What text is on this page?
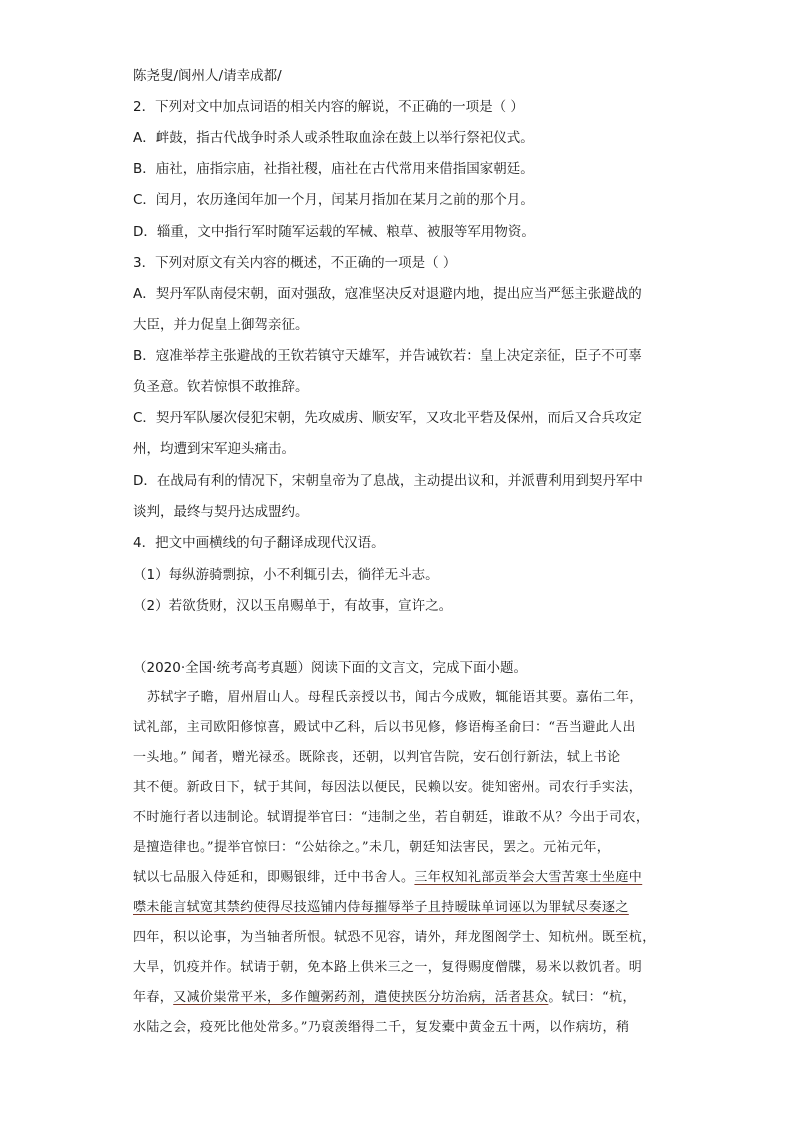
陈尧叟/阆州人/请幸成都/
2．下列对文中加点词语的相关内容的解说，不正确的一项是（ ）
A．衅鼓，指古代战争时杀人或杀牲取血涂在鼓上以举行祭祀仪式。
B．庙社，庙指宗庙，社指社稷，庙社在古代常用来借指国家朝廷。
C．闰月，农历逢闰年加一个月，闰某月指加在某月之前的那个月。
D．辎重，文中指行军时随军运载的军械、粮草、被服等军用物资。
3．下列对原文有关内容的概述，不正确的一项是（ ）
A．契丹军队南侵宋朝，面对强敌，寇准坚决反对退避内地，提出应当严惩主张避战的
大臣，并力促皇上御驾亲征。
B．寇准举荐主张避战的王钦若镇守天雄军，并告诫钦若：皇上决定亲征，臣子不可辜
负圣意。钦若惊惧不敢推辞。
C．契丹军队屡次侵犯宋朝，先攻威虏、顺安军，又攻北平砦及保州，而后又合兵攻定
州，均遭到宋军迎头痛击。
D．在战局有利的情况下，宋朝皇帝为了息战，主动提出议和，并派曹利用到契丹军中
谈判，最终与契丹达成盟约。
4．把文中画横线的句子翻译成现代汉语。
（1）每纵游骑剽掠，小不利辄引去，徜徉无斗志。
（2）若欲货财，汉以玉帛赐单于，有故事，宣许之。
（2020·全国·统考高考真题）阅读下面的文言文，完成下面小题。
苏轼字子瞻，眉州眉山人。母程氏亲授以书，闻古今成败，辄能语其要。嘉佑二年，
试礼部，主司欧阳修惊喜，殿试中乙科，后以书见修，修语梅圣俞曰：“吾当避此人出
一头地。” 闻者，赠光禄丞。既除丧，还朝，以判官告院，安石创行新法，轼上书论
其不便。新政日下，轼于其间，每因法以便民，民赖以安。徙知密州。司农行手实法，
不时施行者以违制论。轼谓提举官曰：“违制之坐，若自朝廷，谁敢不从？今出于司农，
是擅造律也。”提举官惊曰：“公姑徐之。”未几，朝廷知法害民，罢之。元祐元年，
轼以七品服入侍延和，即赐银绯，迁中书舍人。三年权知礼部贡举会大雪苦寒士坐庭中
噤未能言轼宽其禁约使得尽技巡铺内侍每摧辱举子且持暧昧单词诬以为罪轼尽奏逐之
四年，积以论事，为当轴者所恨。轼恐不见容，请外，拜龙图阁学士、知杭州。既至杭，
大旱，饥疫并作。轼请于朝，免本路上供米三之一，复得赐度僧牒，易米以救饥者。明
年春，又减价粜常平米，多作饘粥药剂，遣使挟医分坊治病，活者甚众。轼曰：“杭，
水陆之会，疫死比他处常多。”乃裒羡缗得二千，复发橐中黄金五十两，以作病坊，稍
